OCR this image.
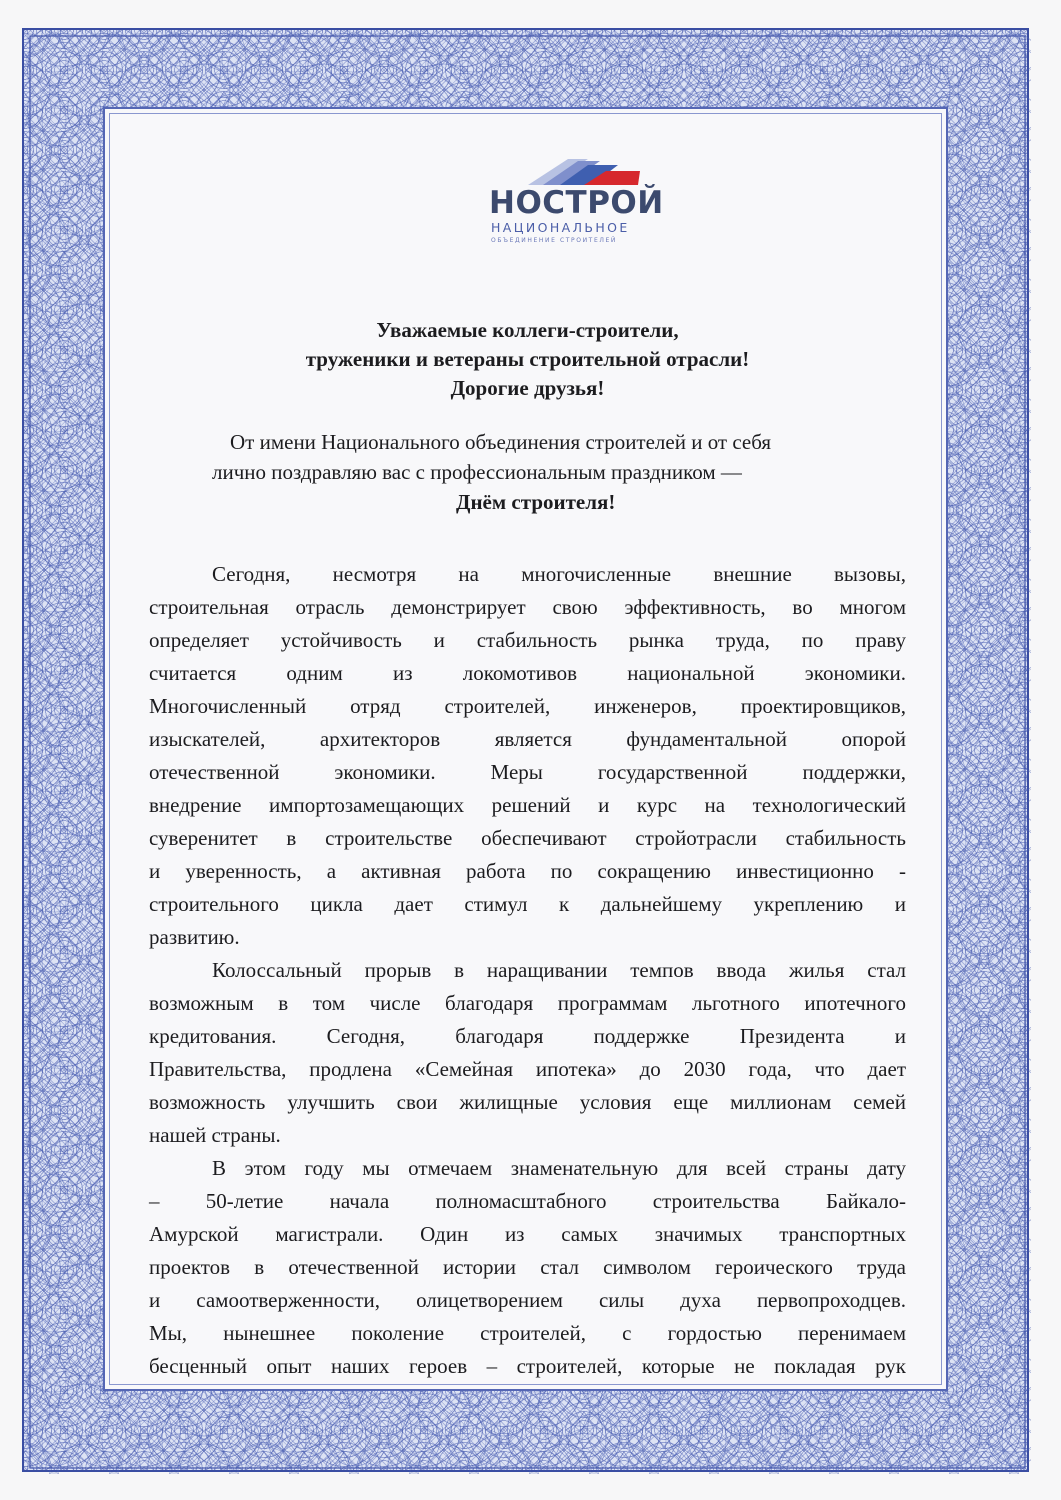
НОСТРОЙ
НАЦИОНАЛЬНОЕ
ОБЪЕДИНЕНИЕ СТРОИТЕЛЕЙ
Уважаемые коллеги-строители,
труженики и ветераны строительной отрасли!
Дорогие друзья!
От имени Национального объединения строителей и от себя
лично поздравляю вас с профессиональным праздником —
Днём строителя!
Сегодня, несмотря на многочисленные внешние вызовы,
строительная отрасль демонстрирует свою эффективность, во многом
определяет устойчивость и стабильность рынка труда, по праву
считается одним из локомотивов национальной экономики.
Многочисленный отряд строителей, инженеров, проектировщиков,
изыскателей, архитекторов является фундаментальной опорой
отечественной экономики. Меры государственной поддержки,
внедрение импортозамещающих решений и курс на технологический
суверенитет в строительстве обеспечивают стройотрасли стабильность
и уверенность, а активная работа по сокращению инвестиционно -
строительного цикла дает стимул к дальнейшему укреплению и
развитию.
Колоссальный прорыв в наращивании темпов ввода жилья стал
возможным в том числе благодаря программам льготного ипотечного
кредитования. Сегодня, благодаря поддержке Президента и
Правительства, продлена «Семейная ипотека» до 2030 года, что дает
возможность улучшить свои жилищные условия еще миллионам семей
нашей страны.
В этом году мы отмечаем знаменательную для всей страны дату
– 50-летие начала полномасштабного строительства Байкало-
Амурской магистрали. Один из самых значимых транспортных
проектов в отечественной истории стал символом героического труда
и самоотверженности, олицетворением силы духа первопроходцев.
Мы, нынешнее поколение строителей, с гордостью перенимаем
бесценный опыт наших героев – строителей, которые не покладая рук
